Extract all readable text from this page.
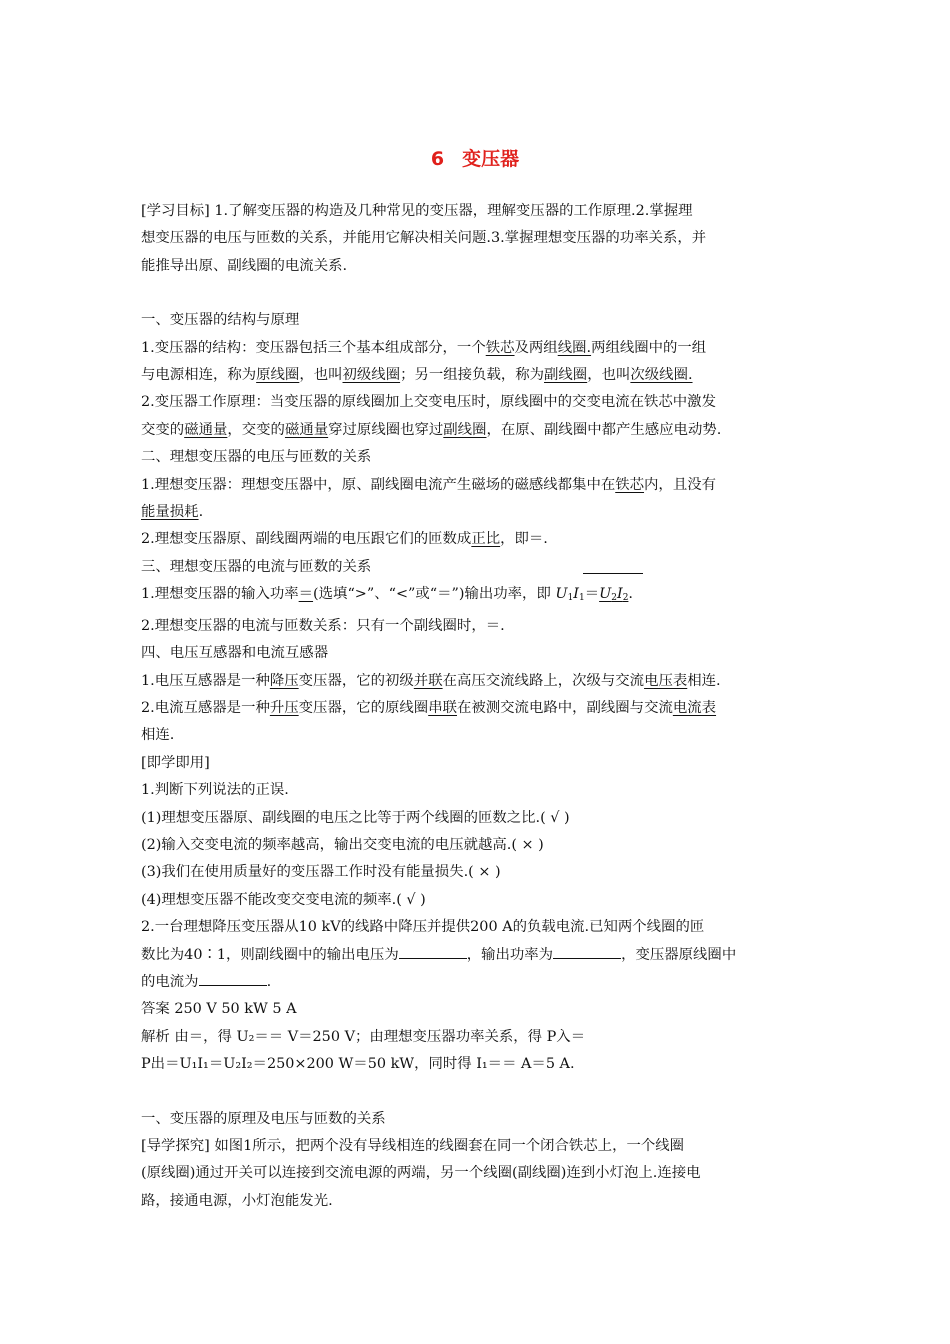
6 变压器

[学习目标] 1.了解变压器的构造及几种常见的变压器，理解变压器的工作原理.2.掌握理

想变压器的电压与匝数的关系，并能用它解决相关问题.3.掌握理想变压器的功率关系，并

能推导出原、副线圈的电流关系.

一、变压器的结构与原理

1.变压器的结构：变压器包括三个基本组成部分，一个铁芯及两组线圈.两组线圈中的一组

与电源相连，称为原线圈，也叫初级线圈；另一组接负载，称为副线圈，也叫次级线圈.

2.变压器工作原理：当变压器的原线圈加上交变电压时，原线圈中的交变电流在铁芯中激发

交变的磁通量，交变的磁通量穿过原线圈也穿过副线圈，在原、副线圈中都产生感应电动势.

二、理想变压器的电压与匝数的关系

1.理想变压器：理想变压器中，原、副线圈电流产生磁场的磁感线都集中在铁芯内，且没有

能量损耗.

2.理想变压器原、副线圈两端的电压跟它们的匝数成正比，即＝.

三、理想变压器的电流与匝数的关系

1.理想变压器的输入功率＝(选填“>”、“<”或“＝”)输出功率，即 $U_1I_1=U_2I_2$.

2.理想变压器的电流与匝数关系：只有一个副线圈时，＝.

四、电压互感器和电流互感器

1.电压互感器是一种降压变压器，它的初级并联在高压交流线路上，次级与交流电压表相连.

2.电流互感器是一种升压变压器，它的原线圈串联在被测交流电路中，副线圈与交流电流表

相连.

[即学即用]

1.判断下列说法的正误.

(1)理想变压器原、副线圈的电压之比等于两个线圈的匝数之比.( √ )

(2)输入交变电流的频率越高，输出交变电流的电压就越高.( × )

(3)我们在使用质量好的变压器工作时没有能量损失.( × )

(4)理想变压器不能改变交变电流的频率.( √ )

2.一台理想降压变压器从10 kV的线路中降压并提供200 A的负载电流.已知两个线圈的匝

数比为40∶1，则副线圈中的输出电压为	，输出功率为	，变压器原线圈中

的电流为	.

答案 250 V 50 kW 5 A

解析 由＝，得 U₂＝＝ V＝250 V；由理想变压器功率关系，得 P入＝

P出＝U₁I₁＝U₂I₂＝250×200 W＝50 kW，同时得 I₁＝＝ A＝5 A.

一、变压器的原理及电压与匝数的关系

[导学探究] 如图1所示，把两个没有导线相连的线圈套在同一个闭合铁芯上，一个线圈

(原线圈)通过开关可以连接到交流电源的两端，另一个线圈(副线圈)连到小灯泡上.连接电

路，接通电源，小灯泡能发光.
